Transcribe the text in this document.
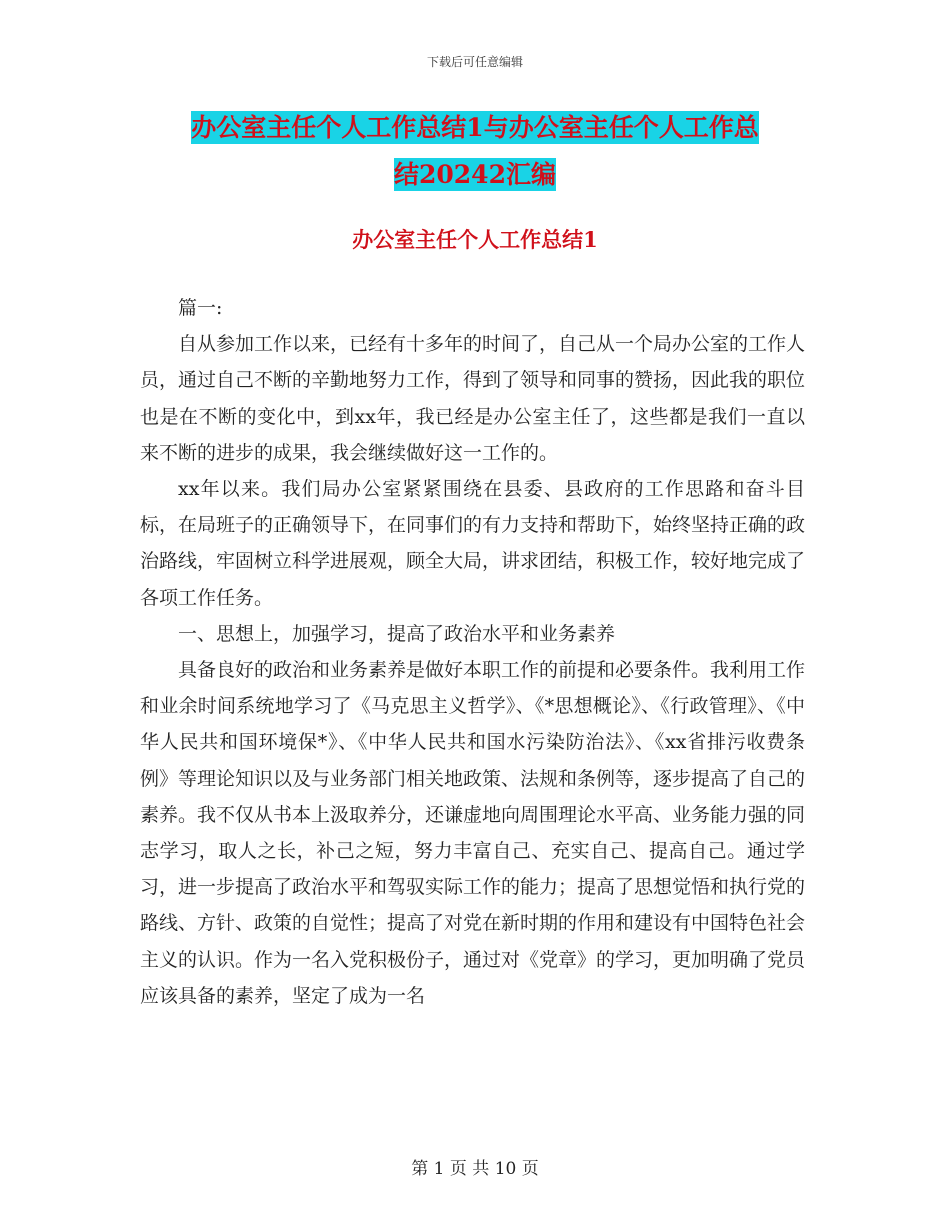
下载后可任意编辑
办公室主任个人工作总结1与办公室主任个人工作总
结20242汇编
办公室主任个人工作总结1

篇一:

自从参加工作以来，已经有十多年的时间了，自己从一个局办公室的工作人员，通过自己不断的辛勤地努力工作，得到了领导和同事的赞扬，因此我的职位也是在不断的变化中，到xx年，我已经是办公室主任了，这些都是我们一直以来不断的进步的成果，我会继续做好这一工作的。

xx年以来。我们局办公室紧紧围绕在县委、县政府的工作思路和奋斗目标，在局班子的正确领导下，在同事们的有力支持和帮助下，始终坚持正确的政治路线，牢固树立科学进展观，顾全大局，讲求团结，积极工作，较好地完成了各项工作任务。

一、思想上，加强学习，提高了政治水平和业务素养

具备良好的政治和业务素养是做好本职工作的前提和必要条件。我利用工作和业余时间系统地学习了《马克思主义哲学》、《*思想概论》、《行政管理》、《中华人民共和国环境保*》、《中华人民共和国水污染防治法》、《xx省排污收费条例》等理论知识以及与业务部门相关地政策、法规和条例等，逐步提高了自己的素养。我不仅从书本上汲取养分，还谦虚地向周围理论水平高、业务能力强的同志学习，取人之长，补己之短，努力丰富自己、充实自己、提高自己。通过学习，进一步提高了政治水平和驾驭实际工作的能力；提高了思想觉悟和执行党的路线、方针、政策的自觉性；提高了对党在新时期的作用和建设有中国特色社会主义的认识。作为一名入党积极份子，通过对《党章》的学习，更加明确了党员应该具备的素养，坚定了成为一名

第 1 页 共 10 页
